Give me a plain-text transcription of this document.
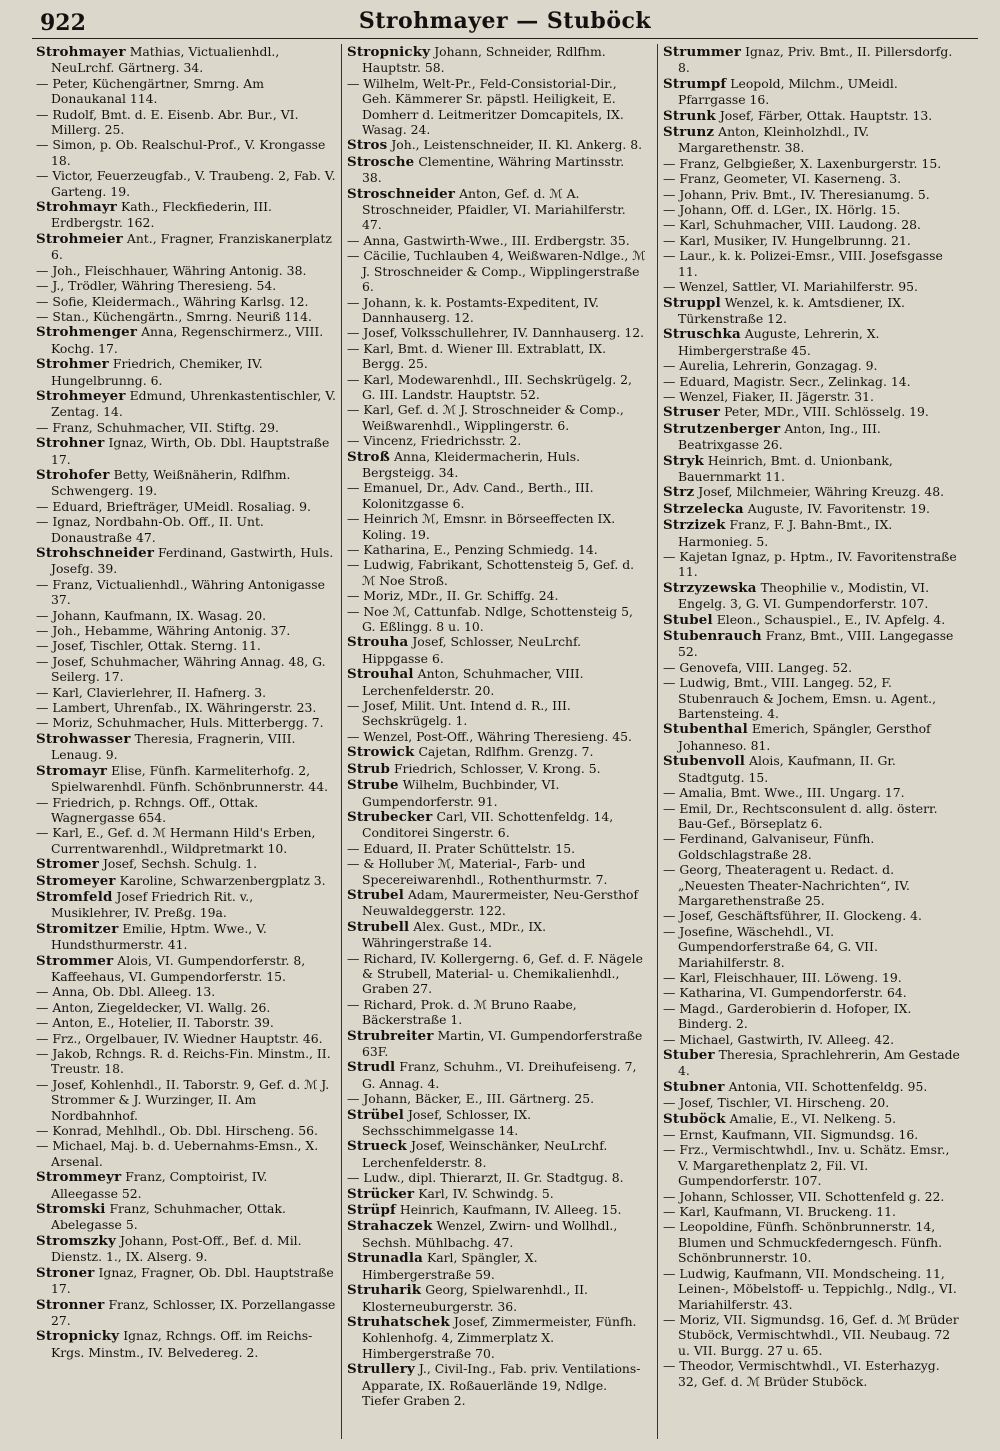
922	Strohmayer — Stuböck
Strohmayer Mathias, Victualienhdl., NeuLrchf. Gärtnerg. 34.
— Peter, Küchengärtner, Smrng. Am Donaukanal 114.
— Rudolf, Bmt. d. E. Eisenb. Abr. Bur., VI. Millerg. 25.
— Simon, p. Ob. Realschul-Prof., V. Krongasse 18.
— Victor, Feuerzeugfab., V. Traubeng. 2, Fab. V. Garteng. 19.
Strohmayr Kath., Fleckfiederin, III. Erdbergstr. 162.
Strohmeier Ant., Fragner, Franziskanerplatz 6.
— Joh., Fleischhauer, Währing Antonig. 38.
— J., Trödler, Währing Theresieng. 54.
— Sofie, Kleidermach., Währing Karlsg. 12.
— Stan., Küchengärtn., Smrng. Neuriß 114.
Strohmenger Anna, Regenschirmerz., VIII. Kochg. 17.
Strohmer Friedrich, Chemiker, IV. Hungelbrunng. 6.
Strohmeyer Edmund, Uhrenkastentischler, V. Zentag. 14.
— Franz, Schuhmacher, VII. Stiftg. 29.
Strohner Ignaz, Wirth, Ob. Dbl. Hauptstraße 17.
Strohofer Betty, Weißnäherin, Rdlfhm. Schwengerg. 19.
— Eduard, Briefträger, UMeidl. Rosaliag. 9.
— Ignaz, Nordbahn-Ob. Off., II. Unt. Donaustraße 47.
Strohschneider Ferdinand, Gastwirth, Huls. Josefg. 39.
— Franz, Victualienhdl., Währing Antonigasse 37.
— Johann, Kaufmann, IX. Wasag. 20.
— Joh., Hebamme, Währing Antonig. 37.
— Josef, Tischler, Ottak. Sterng. 11.
— Josef, Schuhmacher, Währing Annag. 48, G. Seilerg. 17.
— Karl, Clavierlehrer, II. Hafnerg. 3.
— Lambert, Uhrenfab., IX. Währingerstr. 23.
— Moriz, Schuhmacher, Huls. Mitterbergg. 7.
Strohwasser Theresia, Fragnerin, VIII. Lenaug. 9.
Stromayr Elise, Fünfh. Karmeliterhofg. 2, Spielwarenhdl. Fünfh. Schönbrunnerstr. 44.
— Friedrich, p. Rchngs. Off., Ottak. Wagnergasse 654.
— Karl, E., Gef. d. ℳ Hermann Hild's Erben, Currentwarenhdl., Wildpretmarkt 10.
Stromer Josef, Sechsh. Schulg. 1.
Stromeyer Karoline, Schwarzenbergplatz 3.
Stromfeld Josef Friedrich Rit. v., Musiklehrer, IV. Preßg. 19a.
Stromitzer Emilie, Hptm. Wwe., V. Hundsthurmerstr. 41.
Strommer Alois, VI. Gumpendorferstr. 8, Kaffeehaus, VI. Gumpendorferstr. 15.
— Anna, Ob. Dbl. Alleeg. 13.
— Anton, Ziegeldecker, VI. Wallg. 26.
— Anton, E., Hotelier, II. Taborstr. 39.
— Frz., Orgelbauer, IV. Wiedner Hauptstr. 46.
— Jakob, Rchngs. R. d. Reichs-Fin. Minstm., II. Treustr. 18.
— Josef, Kohlenhdl., II. Taborstr. 9, Gef. d. ℳ J. Strommer & J. Wurzinger, II. Am Nordbahnhof.
— Konrad, Mehlhdl., Ob. Dbl. Hirscheng. 56.
— Michael, Maj. b. d. Uebernahms-Emsn., X. Arsenal.
Strommeyr Franz, Comptoirist, IV. Alleegasse 52.
Stromski Franz, Schuhmacher, Ottak. Abelegasse 5.
Stromszky Johann, Post-Off., Bef. d. Mil. Dienstz. 1., IX. Alserg. 9.
Stroner Ignaz, Fragner, Ob. Dbl. Hauptstraße 17.
Stronner Franz, Schlosser, IX. Porzellangasse 27.
Stropnicky Ignaz, Rchngs. Off. im Reichs-Krgs. Minstm., IV. Belvedereg. 2.
Stropnicky Johann, Schneider, Rdlfhm. Hauptstr. 58.
— Wilhelm, Welt-Pr., Feld-Consistorial-Dir., Geh. Kämmerer Sr. päpstl. Heiligkeit, E. Domherr d. Leitmeritzer Domcapitels, IX. Wasag. 24.
Stros Joh., Leistenschneider, II. Kl. Ankerg. 8.
Strosche Clementine, Währing Martinsstr. 38.
Stroschneider Anton, Gef. d. ℳ A. Stroschneider, Pfaidler, VI. Mariahilferstr. 47.
— Anna, Gastwirth-Wwe., III. Erdbergstr. 35.
— Cäcilie, Tuchlauben 4, Weißwaren-Ndlge., ℳ J. Stroschneider & Comp., Wipplingerstraße 6.
— Johann, k. k. Postamts-Expeditent, IV. Dannhauserg. 12.
— Josef, Volksschullehrer, IV. Dannhauserg. 12.
— Karl, Bmt. d. Wiener Ill. Extrablatt, IX. Bergg. 25.
— Karl, Modewarenhdl., III. Sechskrügelg. 2, G. III. Landstr. Hauptstr. 52.
— Karl, Gef. d. ℳ J. Stroschneider & Comp., Weißwarenhdl., Wipplingerstr. 6.
— Vincenz, Friedrichsstr. 2.
Stroß Anna, Kleidermacherin, Huls. Bergsteigg. 34.
— Emanuel, Dr., Adv. Cand., Berth., III. Kolonitzgasse 6.
— Heinrich ℳ, Emsnr. in Börseeffecten IX. Koling. 19.
— Katharina, E., Penzing Schmiedg. 14.
— Ludwig, Fabrikant, Schottensteig 5, Gef. d. ℳ Noe Stroß.
— Moriz, MDr., II. Gr. Schiffg. 24.
— Noe ℳ, Cattunfab. Ndlge, Schottensteig 5, G. Eßlingg. 8 u. 10.
Strouha Josef, Schlosser, NeuLrchf. Hippgasse 6.
Strouhal Anton, Schuhmacher, VIII. Lerchenfelderstr. 20.
— Josef, Milit. Unt. Intend d. R., III. Sechskrügelg. 1.
— Wenzel, Post-Off., Währing Theresieng. 45.
Strowick Cajetan, Rdlfhm. Grenzg. 7.
Strub Friedrich, Schlosser, V. Krong. 5.
Strube Wilhelm, Buchbinder, VI. Gumpendorferstr. 91.
Strubecker Carl, VII. Schottenfeldg. 14, Conditorei Singerstr. 6.
— Eduard, II. Prater Schüttelstr. 15.
— & Holluber ℳ, Material-, Farb- und Specereiwarenhdl., Rothenthurmstr. 7.
Strubel Adam, Maurermeister, Neu-Gersthof Neuwaldeggerstr. 122.
Strubell Alex. Gust., MDr., IX. Währingerstraße 14.
— Richard, IV. Kollergerng. 6, Gef. d. F. Nägele & Strubell, Material- u. Chemikalienhdl., Graben 27.
— Richard, Prok. d. ℳ Bruno Raabe, Bäckerstraße 1.
Strubreiter Martin, VI. Gumpendorferstraße 63F.
Strudl Franz, Schuhm., VI. Dreihufeiseng. 7, G. Annag. 4.
— Johann, Bäcker, E., III. Gärtnerg. 25.
Strübel Josef, Schlosser, IX. Sechsschimmelgasse 14.
Strueck Josef, Weinschänker, NeuLrchf. Lerchenfelderstr. 8.
— Ludw., dipl. Thierarzt, II. Gr. Stadtgug. 8.
Strücker Karl, IV. Schwindg. 5.
Strüpf Heinrich, Kaufmann, IV. Alleeg. 15.
Strahaczek Wenzel, Zwirn- und Wollhdl., Sechsh. Mühlbachg. 47.
Strunadla Karl, Spängler, X. Himbergerstraße 59.
Struharik Georg, Spielwarenhdl., II. Klosterneuburgerstr. 36.
Struhatschek Josef, Zimmermeister, Fünfh. Kohlenhofg. 4, Zimmerplatz X. Himbergerstraße 70.
Strullery J., Civil-Ing., Fab. priv. Ventilations-Apparate, IX. Roßauerlände 19, Ndlge. Tiefer Graben 2.
Strummer Ignaz, Priv. Bmt., II. Pillersdorfg. 8.
Strumpf Leopold, Milchm., UMeidl. Pfarrgasse 16.
Strunk Josef, Färber, Ottak. Hauptstr. 13.
Strunz Anton, Kleinholzhdl., IV. Margarethenstr. 38.
— Franz, Gelbgießer, X. Laxenburgerstr. 15.
— Franz, Geometer, VI. Kaserneng. 3.
— Johann, Priv. Bmt., IV. Theresianumg. 5.
— Johann, Off. d. LGer., IX. Hörlg. 15.
— Karl, Schuhmacher, VIII. Laudong. 28.
— Karl, Musiker, IV. Hungelbrunng. 21.
— Laur., k. k. Polizei-Emsr., VIII. Josefsgasse 11.
— Wenzel, Sattler, VI. Mariahilferstr. 95.
Struppl Wenzel, k. k. Amtsdiener, IX. Türkenstraße 12.
Struschka Auguste, Lehrerin, X. Himbergerstraße 45.
— Aurelia, Lehrerin, Gonzagag. 9.
— Eduard, Magistr. Secr., Zelinkag. 14.
— Wenzel, Fiaker, II. Jägerstr. 31.
Struser Peter, MDr., VIII. Schlösselg. 19.
Strutzenberger Anton, Ing., III. Beatrixgasse 26.
Stryk Heinrich, Bmt. d. Unionbank, Bauernmarkt 11.
Strz Josef, Milchmeier, Währing Kreuzg. 48.
Strzelecka Auguste, IV. Favoritenstr. 19.
Strzizek Franz, F. J. Bahn-Bmt., IX. Harmonieg. 5.
— Kajetan Ignaz, p. Hptm., IV. Favoritenstraße 11.
Strzyzewska Theophilie v., Modistin, VI. Engelg. 3, G. VI. Gumpendorferstr. 107.
Stubel Eleon., Schauspiel., E., IV. Apfelg. 4.
Stubenrauch Franz, Bmt., VIII. Langegasse 52.
— Genovefa, VIII. Langeg. 52.
— Ludwig, Bmt., VIII. Langeg. 52, F. Stubenrauch & Jochem, Emsn. u. Agent., Bartensteing. 4.
Stubenthal Emerich, Spängler, Gersthof Johanneso. 81.
Stubenvoll Alois, Kaufmann, II. Gr. Stadtgutg. 15.
— Amalia, Bmt. Wwe., III. Ungarg. 17.
— Emil, Dr., Rechtsconsulent d. allg. österr. Bau-Gef., Börseplatz 6.
— Ferdinand, Galvaniseur, Fünfh. Goldschlagstraße 28.
— Georg, Theateragent u. Redact. d. „Neuesten Theater-Nachrichten“, IV. Margarethenstraße 25.
— Josef, Geschäftsführer, II. Glockeng. 4.
— Josefine, Wäschehdl., VI. Gumpendorferstraße 64, G. VII. Mariahilferstr. 8.
— Karl, Fleischhauer, III. Löweng. 19.
— Katharina, VI. Gumpendorferstr. 64.
— Magd., Garderobierin d. Hofoper, IX. Binderg. 2.
— Michael, Gastwirth, IV. Alleeg. 42.
Stuber Theresia, Sprachlehrerin, Am Gestade 4.
Stubner Antonia, VII. Schottenfeldg. 95.
— Josef, Tischler, VI. Hirscheng. 20.
Stuböck Amalie, E., VI. Nelkeng. 5.
— Ernst, Kaufmann, VII. Sigmundsg. 16.
— Frz., Vermischtwhdl., Inv. u. Schätz. Emsr., V. Margarethenplatz 2, Fil. VI. Gumpendorferstr. 107.
— Johann, Schlosser, VII. Schottenfeld g. 22.
— Karl, Kaufmann, VI. Bruckeng. 11.
— Leopoldine, Fünfh. Schönbrunnerstr. 14, Blumen und Schmuckfederngesch. Fünfh. Schönbrunnerstr. 10.
— Ludwig, Kaufmann, VII. Mondscheing. 11, Leinen-, Möbelstoff- u. Teppichlg., Ndlg., VI. Mariahilferstr. 43.
— Moriz, VII. Sigmundsg. 16, Gef. d. ℳ Brüder Stuböck, Vermischtwhdl., VII. Neubaug. 72 u. VII. Burgg. 27 u. 65.
— Theodor, Vermischtwhdl., VI. Esterhazyg. 32, Gef. d. ℳ Brüder Stuböck.
